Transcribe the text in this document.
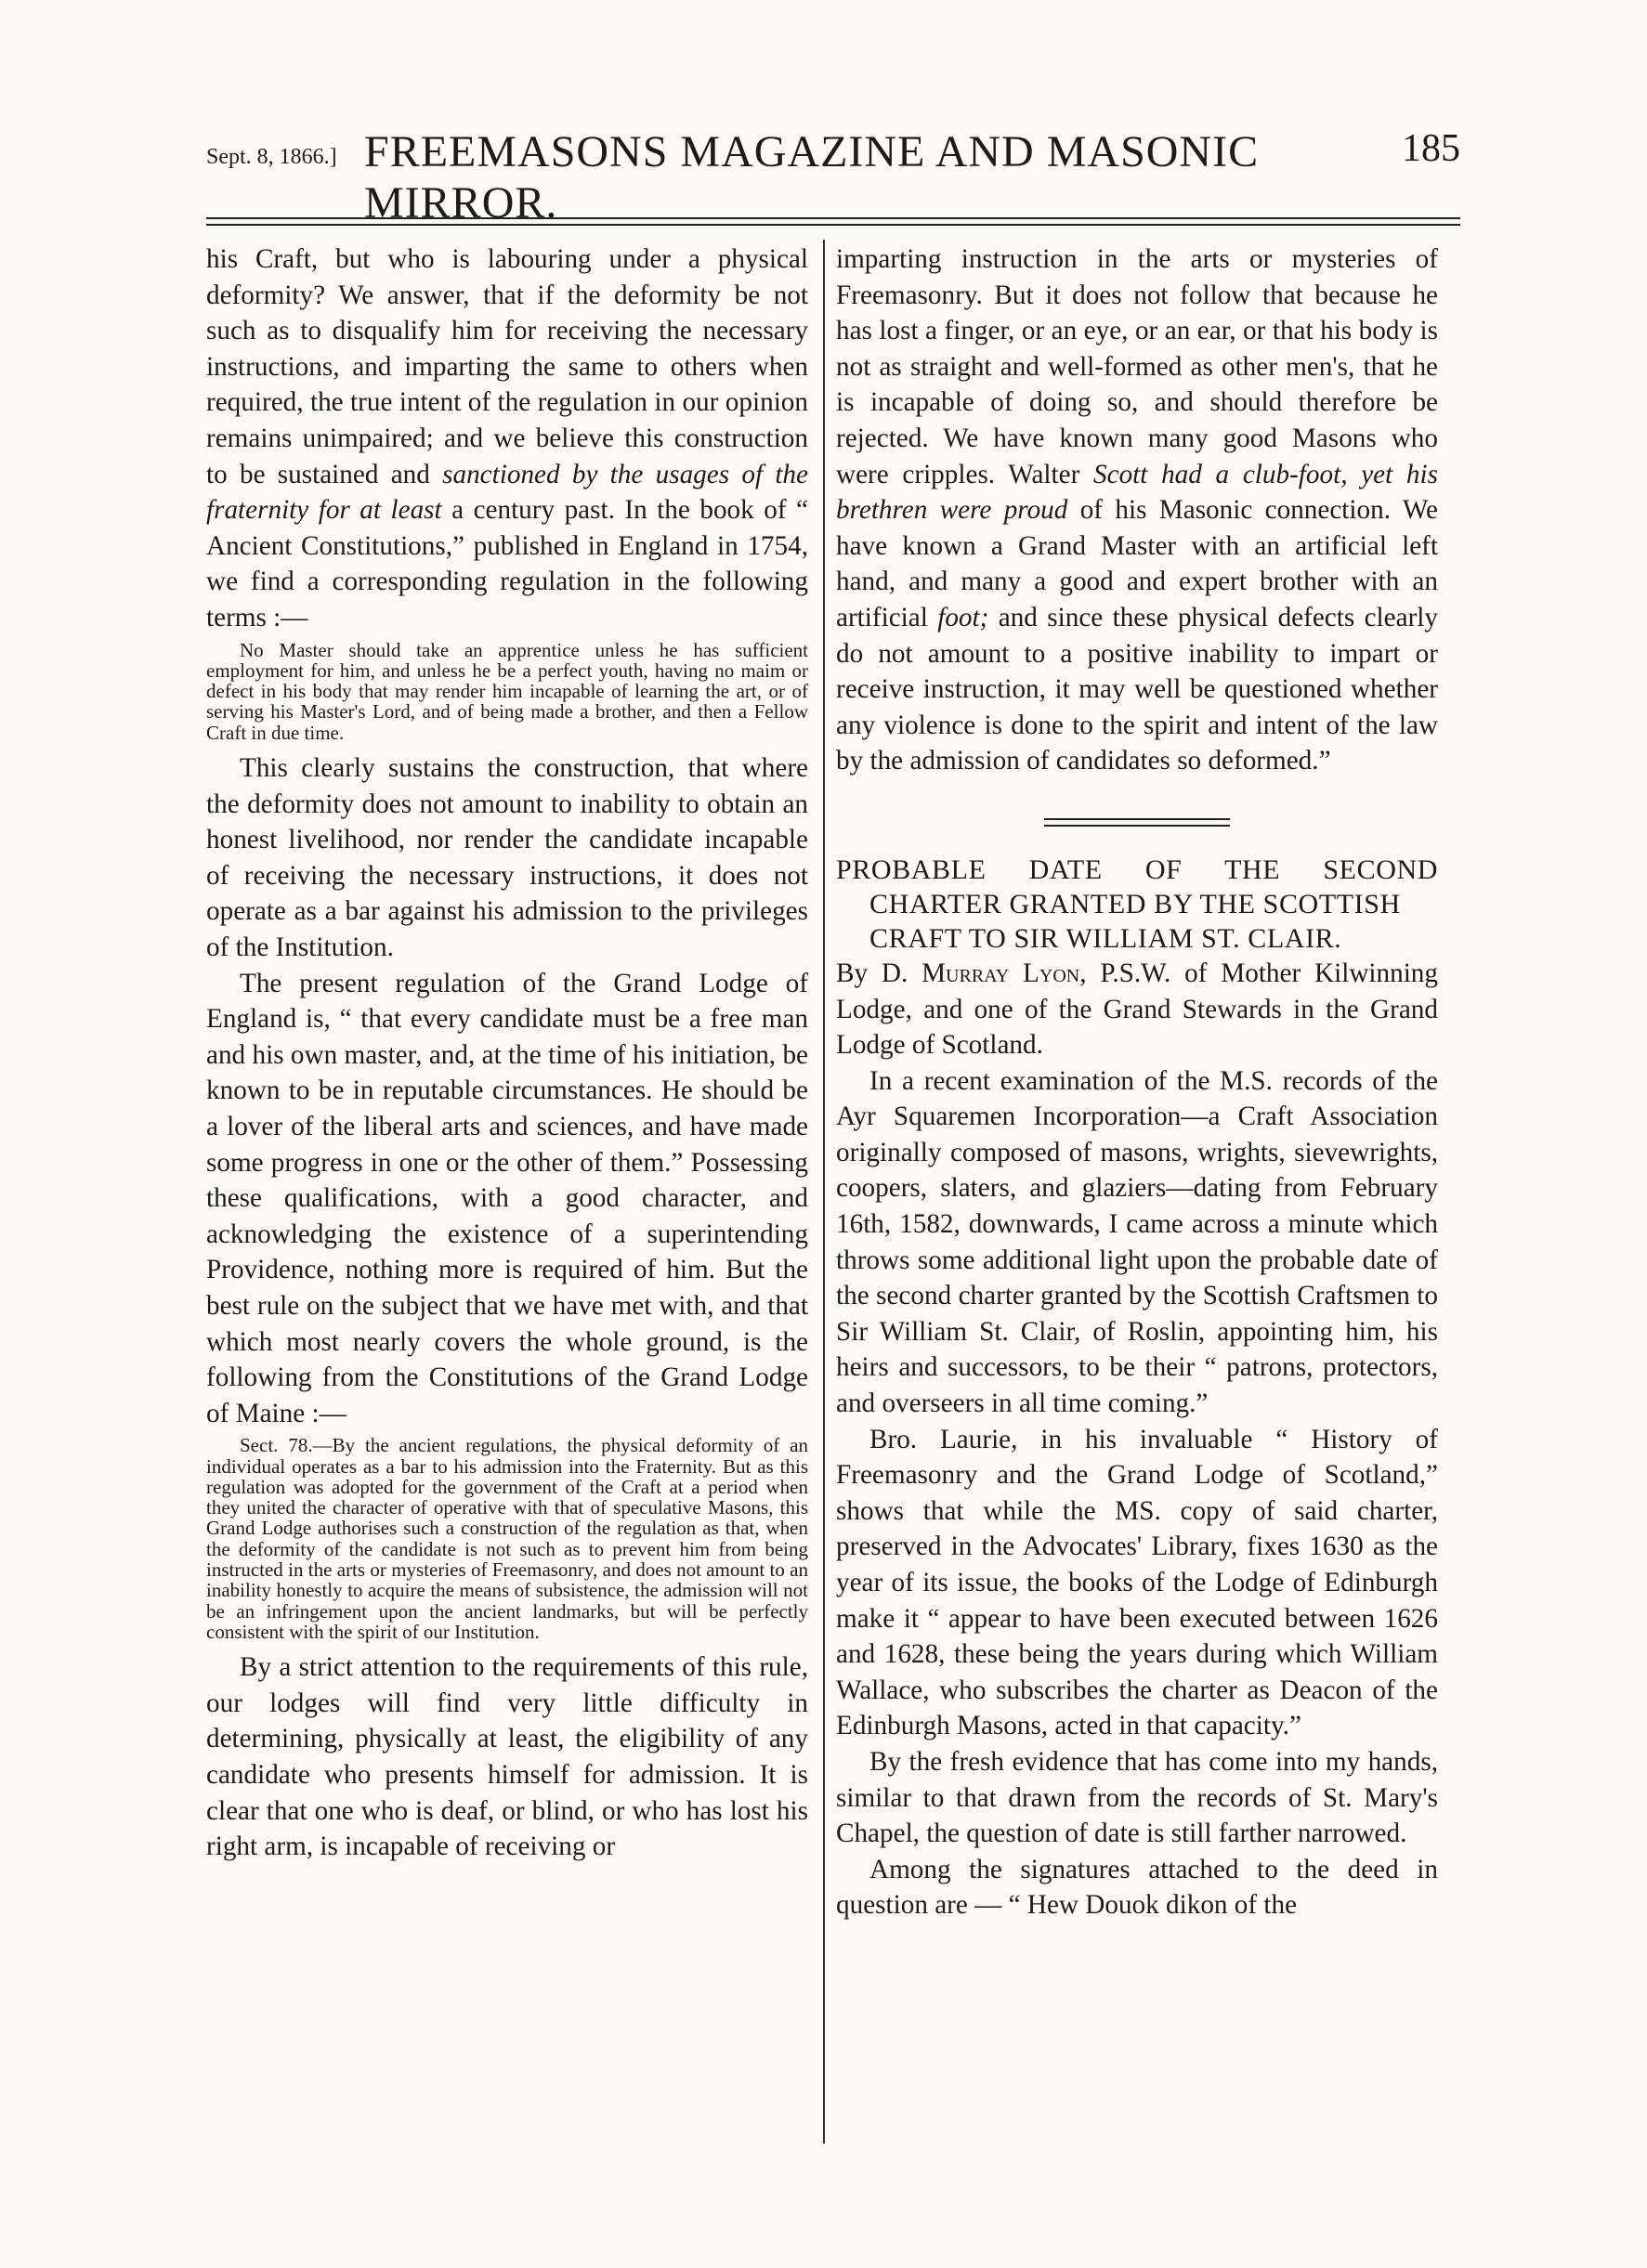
Sept. 8, 1866.] FREEMASONS MAGAZINE AND MASONIC MIRROR.
185

his Craft, but who is labouring under a physical deformity? We answer, that if the deformity be not such as to disqualify him for receiving the necessary instructions, and imparting the same to others when required, the true intent of the regulation in our opinion remains unimpaired; and we believe this construction to be sustained and sanctioned by the usages of the fraternity for at least a century past. In the book of “ Ancient Constitutions,” published in England in 1754, we find a corresponding regulation in the following terms :—

No Master should take an apprentice unless he has sufficient employment for him, and unless he be a perfect youth, having no maim or defect in his body that may render him incapable of learning the art, or of serving his Master's Lord, and of being made a brother, and then a Fellow Craft in due time.

This clearly sustains the construction, that where the deformity does not amount to inability to obtain an honest livelihood, nor render the candidate incapable of receiving the necessary instructions, it does not operate as a bar against his admission to the privileges of the Institution.

The present regulation of the Grand Lodge of England is, “ that every candidate must be a free man and his own master, and, at the time of his initiation, be known to be in reputable circumstances. He should be a lover of the liberal arts and sciences, and have made some progress in one or the other of them.” Possessing these qualifications, with a good character, and acknowledging the existence of a superintending Providence, nothing more is required of him. But the best rule on the subject that we have met with, and that which most nearly covers the whole ground, is the following from the Constitutions of the Grand Lodge of Maine :—

Sect. 78.—By the ancient regulations, the physical deformity of an individual operates as a bar to his admission into the Fraternity. But as this regulation was adopted for the government of the Craft at a period when they united the character of operative with that of speculative Masons, this Grand Lodge authorises such a construction of the regulation as that, when the deformity of the candidate is not such as to prevent him from being instructed in the arts or mysteries of Freemasonry, and does not amount to an inability honestly to acquire the means of subsistence, the admission will not be an infringement upon the ancient landmarks, but will be perfectly consistent with the spirit of our Institution.

By a strict attention to the requirements of this rule, our lodges will find very little difficulty in determining, physically at least, the eligibility of any candidate who presents himself for admission. It is clear that one who is deaf, or blind, or who has lost his right arm, is incapable of receiving or

imparting instruction in the arts or mysteries of Freemasonry. But it does not follow that because he has lost a finger, or an eye, or an ear, or that his body is not as straight and well-formed as other men's, that he is incapable of doing so, and should therefore be rejected. We have known many good Masons who were cripples. Walter Scott had a club-foot, yet his brethren were proud of his Masonic connection. We have known a Grand Master with an artificial left hand, and many a good and expert brother with an artificial foot; and since these physical defects clearly do not amount to a positive inability to impart or receive instruction, it may well be questioned whether any violence is done to the spirit and intent of the law by the admission of candidates so deformed.”

PROBABLE DATE OF THE SECOND
CHARTER GRANTED BY THE SCOTTISH
CRAFT TO SIR WILLIAM ST. CLAIR.

By D. Murray Lyon, P.S.W. of Mother Kilwinning Lodge, and one of the Grand Stewards in the Grand Lodge of Scotland.

In a recent examination of the M.S. records of the Ayr Squaremen Incorporation—a Craft Association originally composed of masons, wrights, sievewrights, coopers, slaters, and glaziers—dating from February 16th, 1582, downwards, I came across a minute which throws some additional light upon the probable date of the second charter granted by the Scottish Craftsmen to Sir William St. Clair, of Roslin, appointing him, his heirs and successors, to be their “ patrons, protectors, and overseers in all time coming.”

Bro. Laurie, in his invaluable “ History of Freemasonry and the Grand Lodge of Scotland,” shows that while the MS. copy of said charter, preserved in the Advocates' Library, fixes 1630 as the year of its issue, the books of the Lodge of Edinburgh make it “ appear to have been executed between 1626 and 1628, these being the years during which William Wallace, who subscribes the charter as Deacon of the Edinburgh Masons, acted in that capacity.”

By the fresh evidence that has come into my hands, similar to that drawn from the records of St. Mary's Chapel, the question of date is still farther narrowed.

Among the signatures attached to the deed in question are — “ Hew Douok dikon of the
